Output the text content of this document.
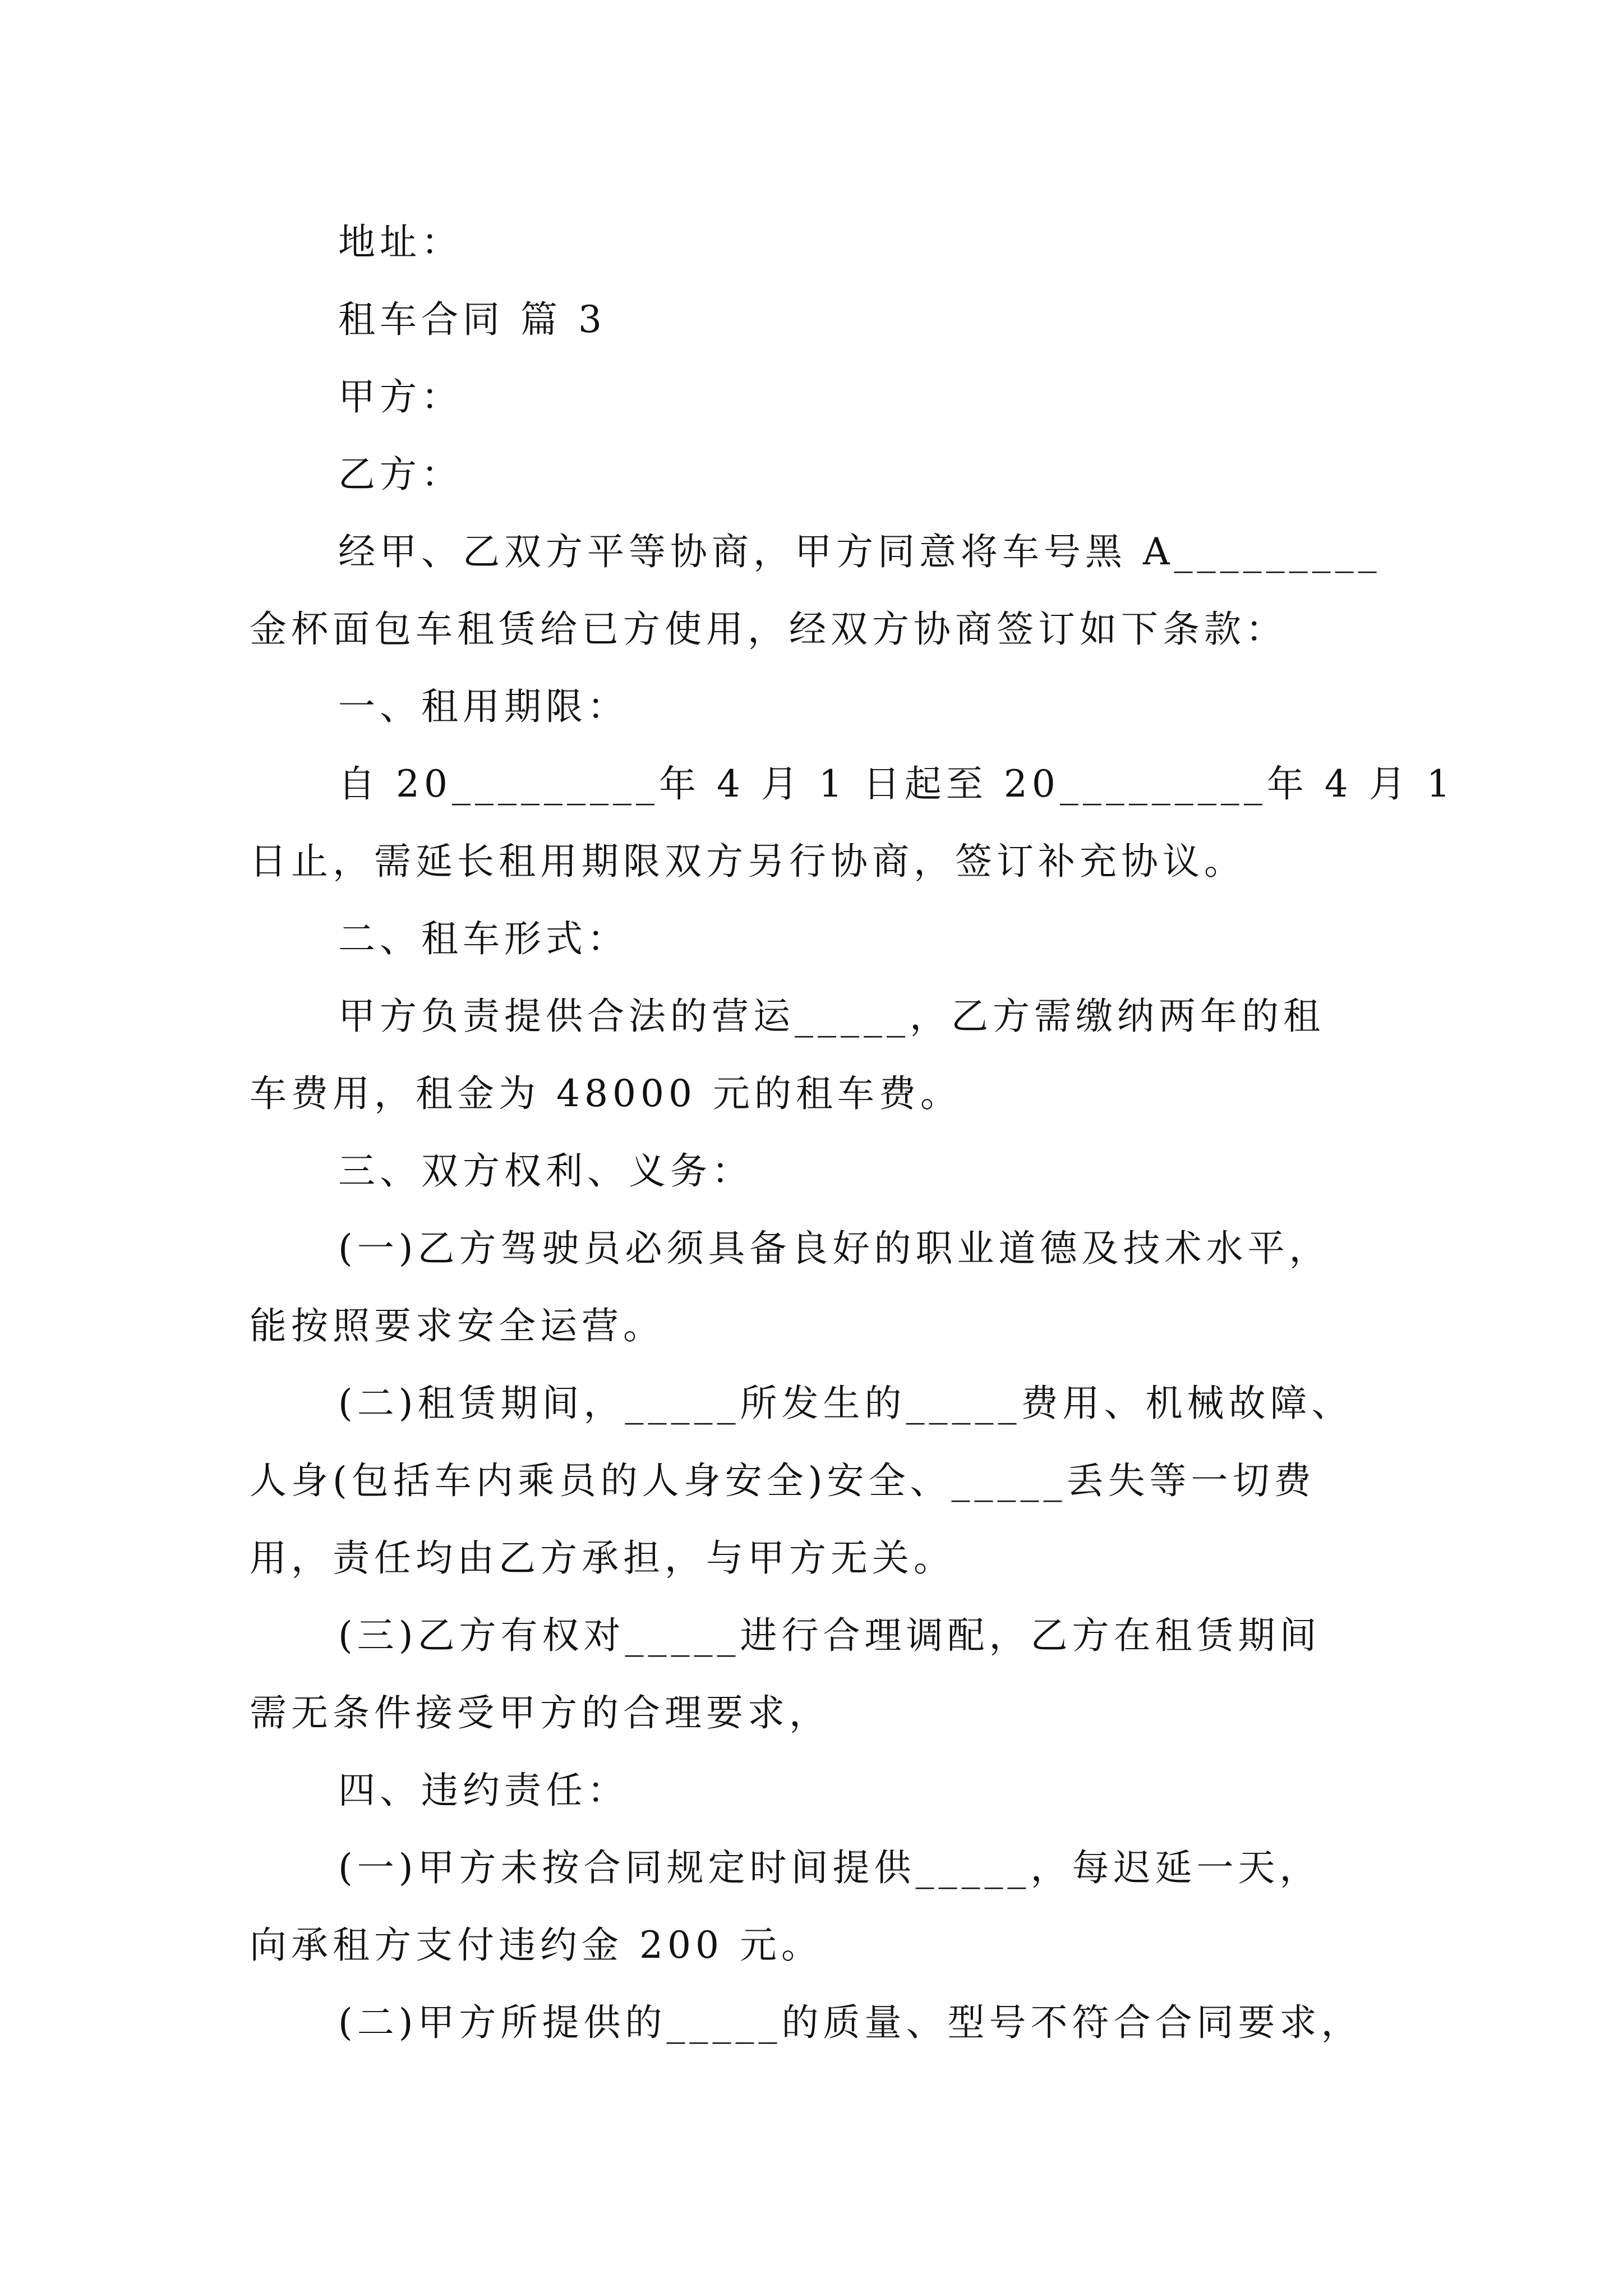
地址：
租车合同 篇 3
甲方：
乙方：
经甲、乙双方平等协商，甲方同意将车号黑 A_________
金杯面包车租赁给已方使用，经双方协商签订如下条款：
一、租用期限：
自 20_________年 4 月 1 日起至 20_________年 4 月 1
日止，需延长租用期限双方另行协商，签订补充协议。
二、租车形式：
甲方负责提供合法的营运_____，乙方需缴纳两年的租
车费用，租金为 48000 元的租车费。
三、双方权利、义务：
(一)乙方驾驶员必须具备良好的职业道德及技术水平，
能按照要求安全运营。
(二)租赁期间，_____所发生的_____费用、机械故障、
人身(包括车内乘员的人身安全)安全、_____丢失等一切费
用，责任均由乙方承担，与甲方无关。
(三)乙方有权对_____进行合理调配，乙方在租赁期间
需无条件接受甲方的合理要求，
四、违约责任：
(一)甲方未按合同规定时间提供_____，每迟延一天，
向承租方支付违约金 200 元。
(二)甲方所提供的_____的质量、型号不符合合同要求，
